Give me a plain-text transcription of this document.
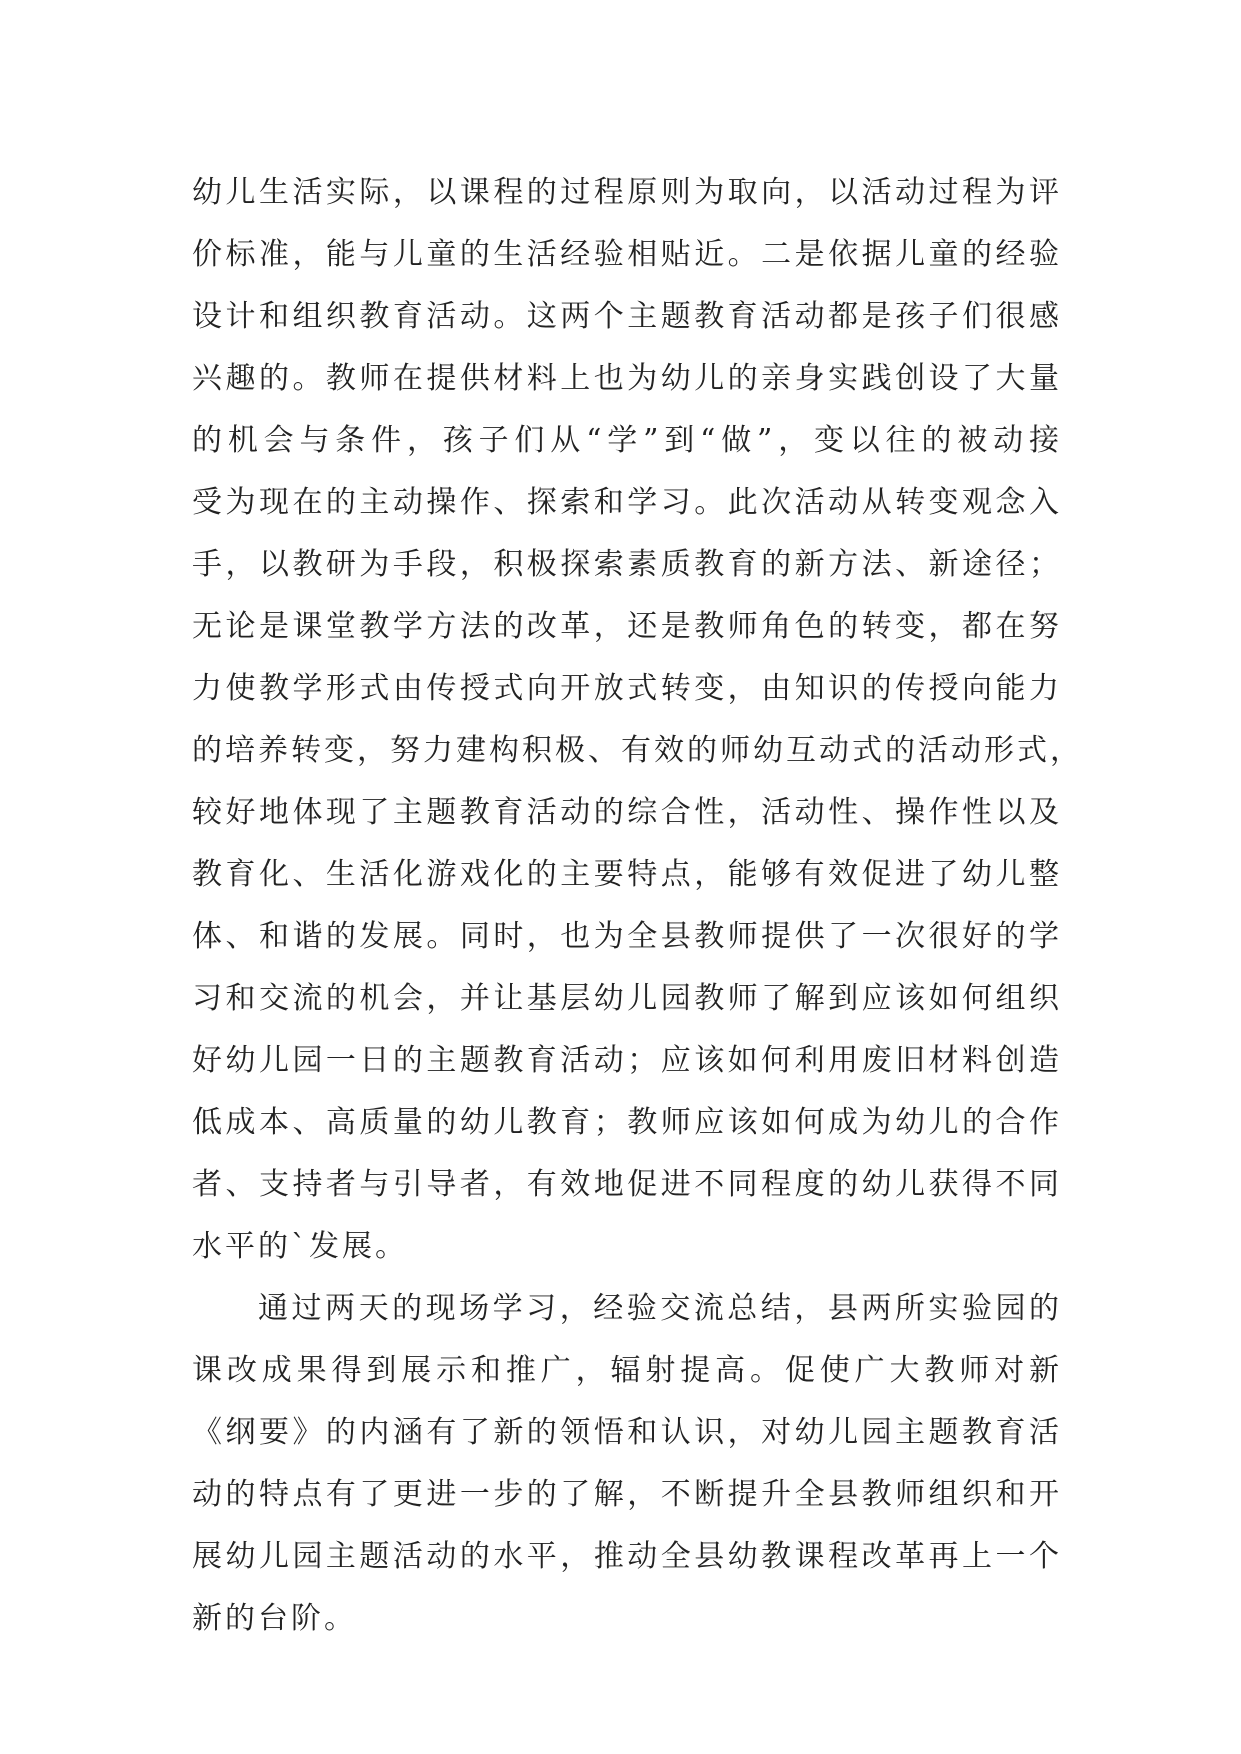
幼儿生活实际，以课程的过程原则为取向，以活动过程为评
价标准，能与儿童的生活经验相贴近。二是依据儿童的经验
设计和组织教育活动。这两个主题教育活动都是孩子们很感
兴趣的。教师在提供材料上也为幼儿的亲身实践创设了大量
的机会与条件，孩子们从“学”到“做”，变以往的被动接
受为现在的主动操作、探索和学习。此次活动从转变观念入
手，以教研为手段，积极探索素质教育的新方法、新途径；
无论是课堂教学方法的改革，还是教师角色的转变，都在努
力使教学形式由传授式向开放式转变，由知识的传授向能力
的培养转变，努力建构积极、有效的师幼互动式的活动形式，
较好地体现了主题教育活动的综合性，活动性、操作性以及
教育化、生活化游戏化的主要特点，能够有效促进了幼儿整
体、和谐的发展。同时，也为全县教师提供了一次很好的学
习和交流的机会，并让基层幼儿园教师了解到应该如何组织
好幼儿园一日的主题教育活动；应该如何利用废旧材料创造
低成本、高质量的幼儿教育；教师应该如何成为幼儿的合作
者、支持者与引导者，有效地促进不同程度的幼儿获得不同
水平的`发展。
通过两天的现场学习，经验交流总结，县两所实验园的
课改成果得到展示和推广，辐射提高。促使广大教师对新
《纲要》的内涵有了新的领悟和认识，对幼儿园主题教育活
动的特点有了更进一步的了解，不断提升全县教师组织和开
展幼儿园主题活动的水平，推动全县幼教课程改革再上一个
新的台阶。
